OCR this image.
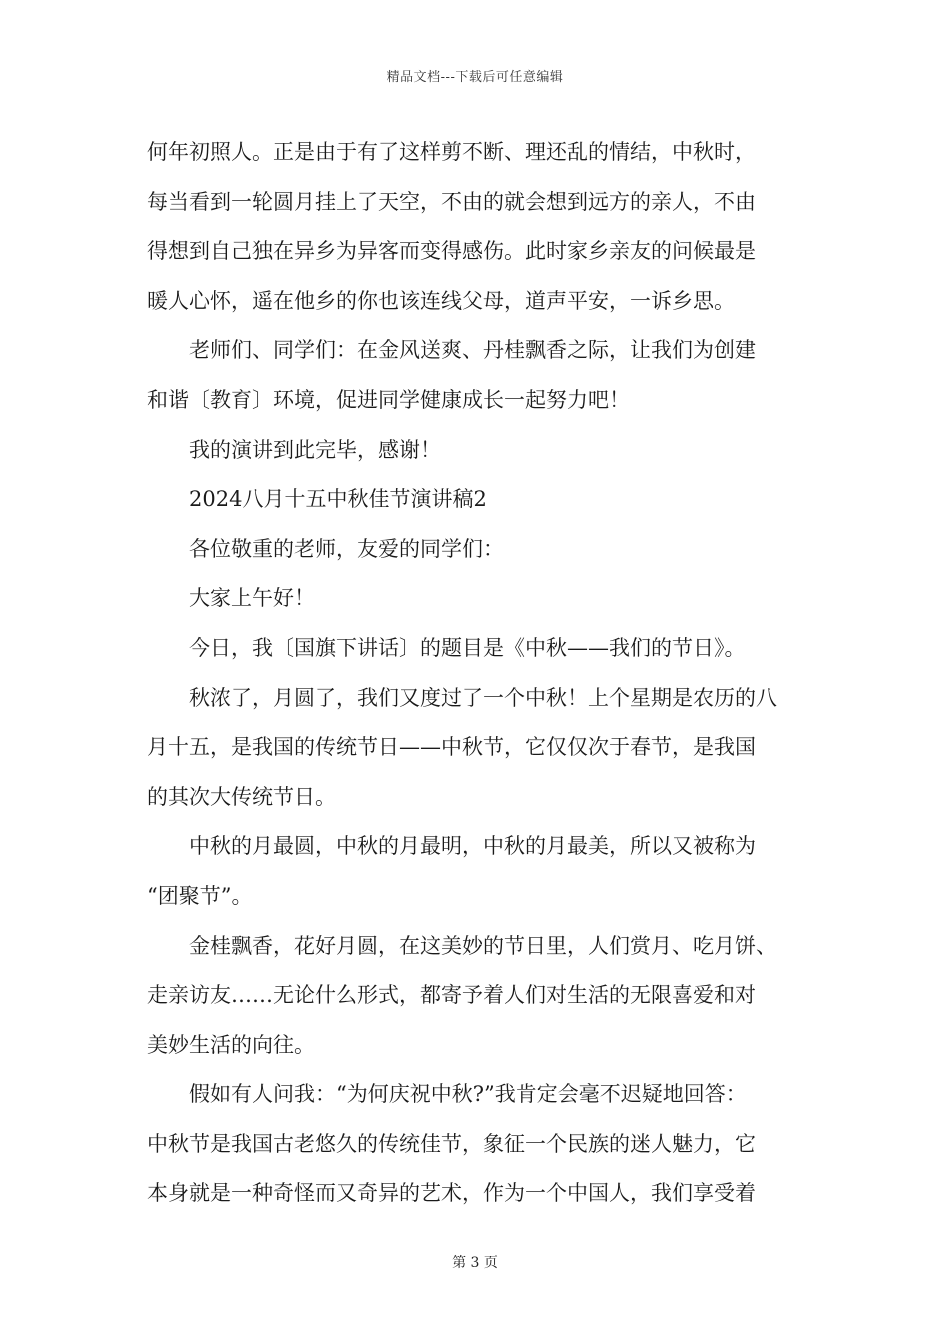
精品文档---下载后可任意编辑
何年初照人。正是由于有了这样剪不断、理还乱的情结，中秋时，
每当看到一轮圆月挂上了天空，不由的就会想到远方的亲人，不由
得想到自己独在异乡为异客而变得感伤。此时家乡亲友的问候最是
暖人心怀，遥在他乡的你也该连线父母，道声平安，一诉乡思。
老师们、同学们：在金风送爽、丹桂飘香之际，让我们为创建
和谐〔教育〕环境，促进同学健康成长一起努力吧！
我的演讲到此完毕，感谢！
2024八月十五中秋佳节演讲稿2
各位敬重的老师，友爱的同学们：
大家上午好！
今日，我〔国旗下讲话〕的题目是《中秋——我们的节日》。
秋浓了，月圆了，我们又度过了一个中秋！上个星期是农历的八
月十五，是我国的传统节日——中秋节，它仅仅次于春节，是我国
的其次大传统节日。
中秋的月最圆，中秋的月最明，中秋的月最美，所以又被称为
“团聚节”。
金桂飘香，花好月圆，在这美妙的节日里，人们赏月、吃月饼、
走亲访友……无论什么形式，都寄予着人们对生活的无限喜爱和对
美妙生活的向往。
假如有人问我：“为何庆祝中秋?”我肯定会毫不迟疑地回答：
中秋节是我国古老悠久的传统佳节，象征一个民族的迷人魅力，它
本身就是一种奇怪而又奇异的艺术，作为一个中国人，我们享受着
第 3 页
